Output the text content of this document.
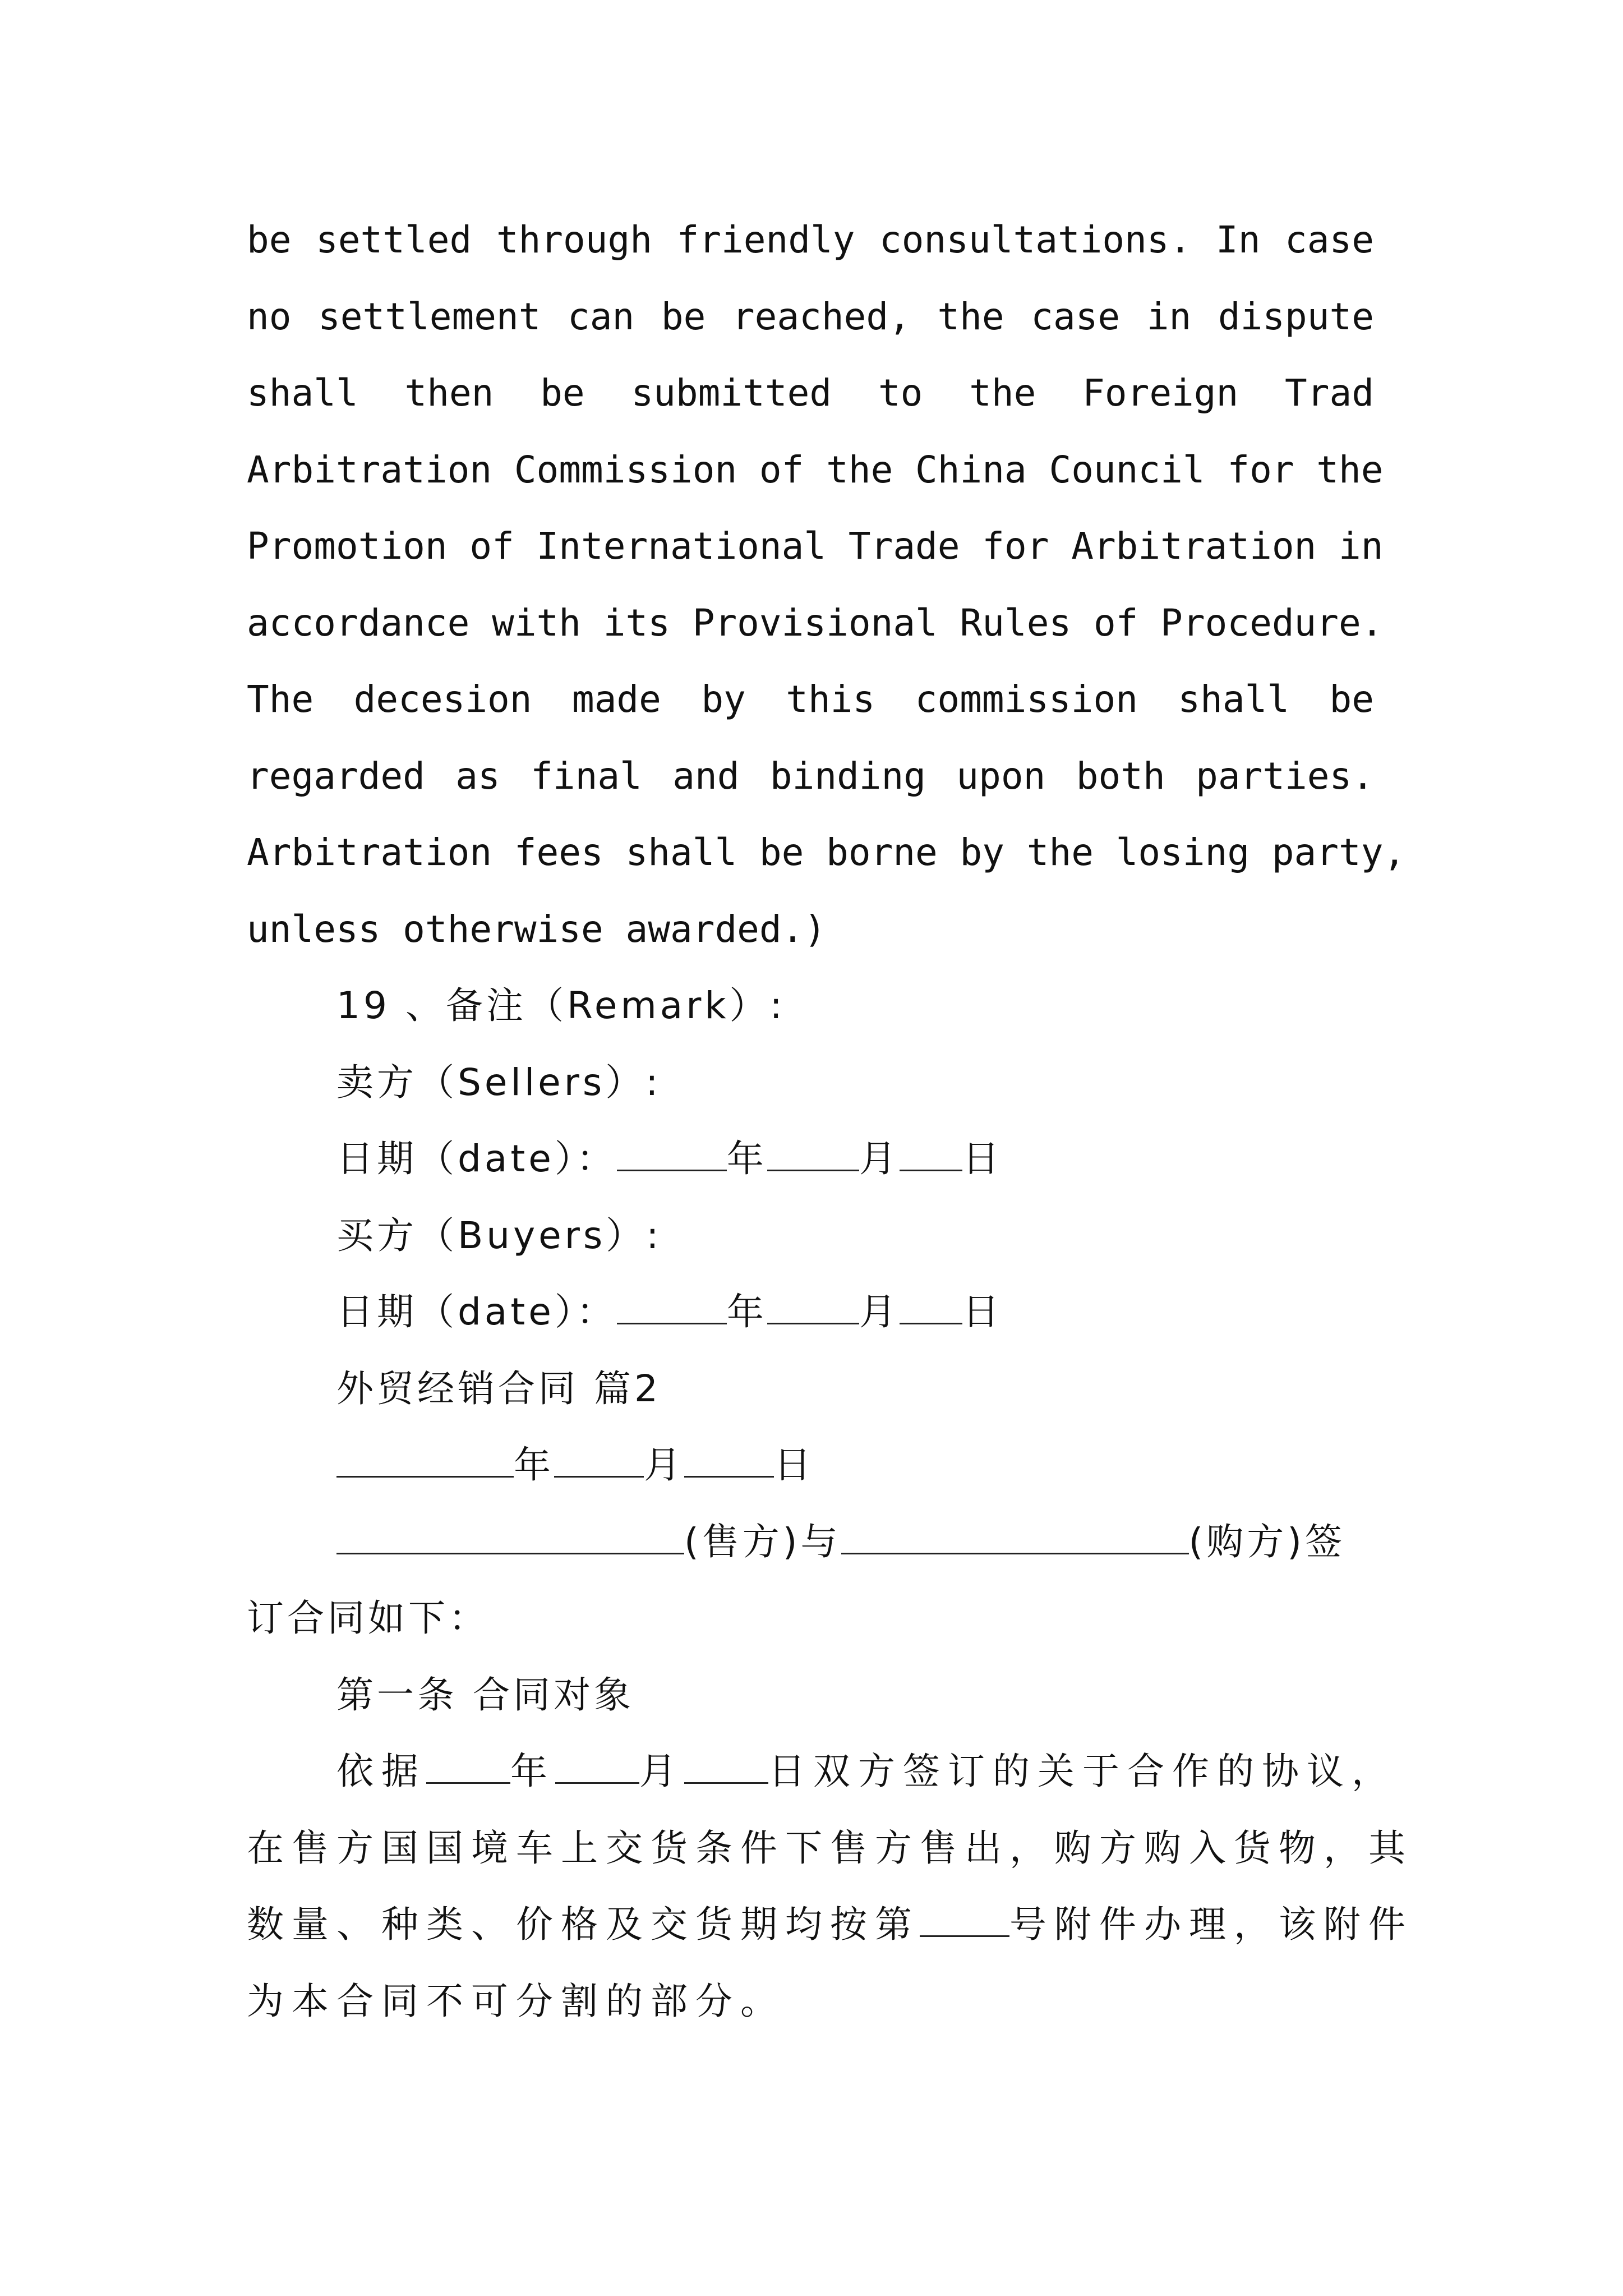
be settled through friendly consultations. In case
no settlement can be reached, the case in dispute
shall then be submitted to the Foreign Trad
Arbitration Commission of the China Council for the
Promotion of International Trade for Arbitration in
accordance with its Provisional Rules of Procedure.
The decesion made by this commission shall be
regarded as final and binding upon both parties.
Arbitration fees shall be borne by the losing party,
unless otherwise awarded.)
19 、备注（Remark）:
卖方（Sellers）:
日期（date）：	年 月 日
买方（Buyers）:
日期（date）：	年 月 日
外贸经销合同 篇2
年 月 日
(售方)与	(购方)签
订合同如下：
第一条 合同对象
依据 年 月 日双方签订的关于合作的协议，
在售方国国境车上交货条件下售方售出，购方购入货物，其
数量、种类、价格及交货期均按第 号附件办理，该附件
为本合同不可分割的部分。
